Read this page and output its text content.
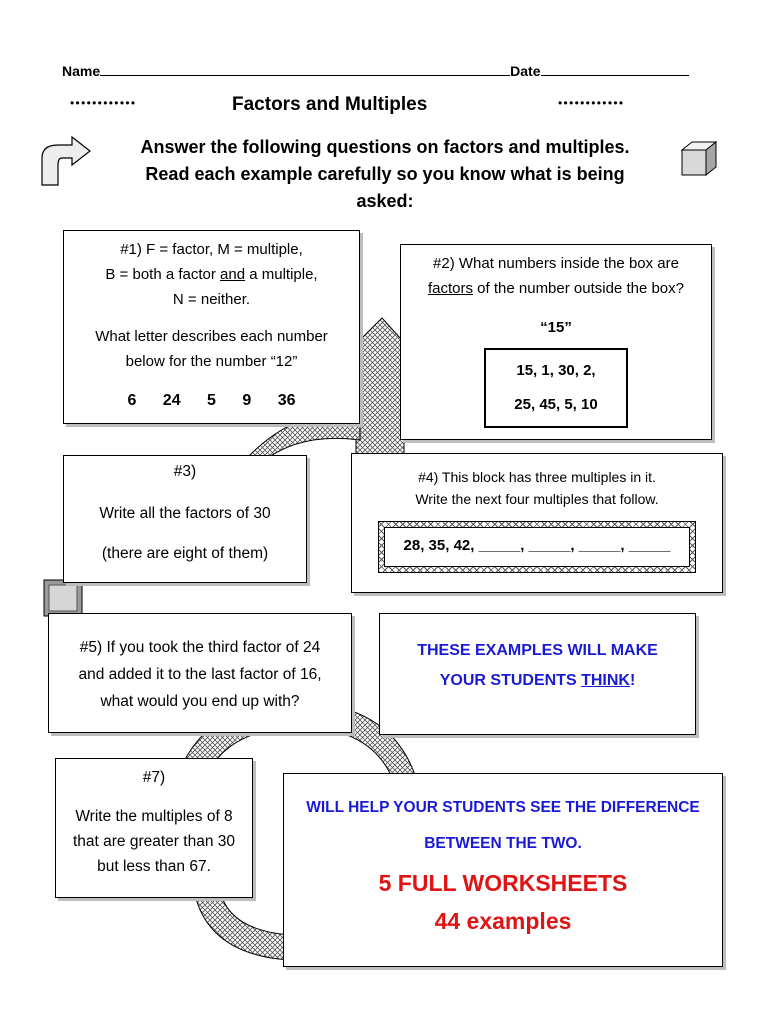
Name	Date
• • • • • • • • • • • •	Factors and Multiples	• • • • • • • • • • • •
Answer the following questions on factors and multiples.
Read each example carefully so you know what is being
asked:
#1) F = factor, M = multiple,
B = both a factor and a multiple,
N = neither.
What letter describes each number
below for the number “12”
6 24 5 9 36
#2) What numbers inside the box are
factors of the number outside the box?
“15”
15, 1, 30, 2,
25, 45, 5, 10
#3)
Write all the factors of 30
(there are eight of them)
#4) This block has three multiples in it.
Write the next four multiples that follow.
28, 35, 42, _____, _____, _____, _____
#5) If you took the third factor of 24
and added it to the last factor of 16,
what would you end up with?
THESE EXAMPLES WILL MAKE
YOUR STUDENTS THINK!
#7)
Write the multiples of 8
that are greater than 30
but less than 67.
WILL HELP YOUR STUDENTS SEE THE DIFFERENCE
BETWEEN THE TWO.
5 FULL WORKSHEETS
44 examples
